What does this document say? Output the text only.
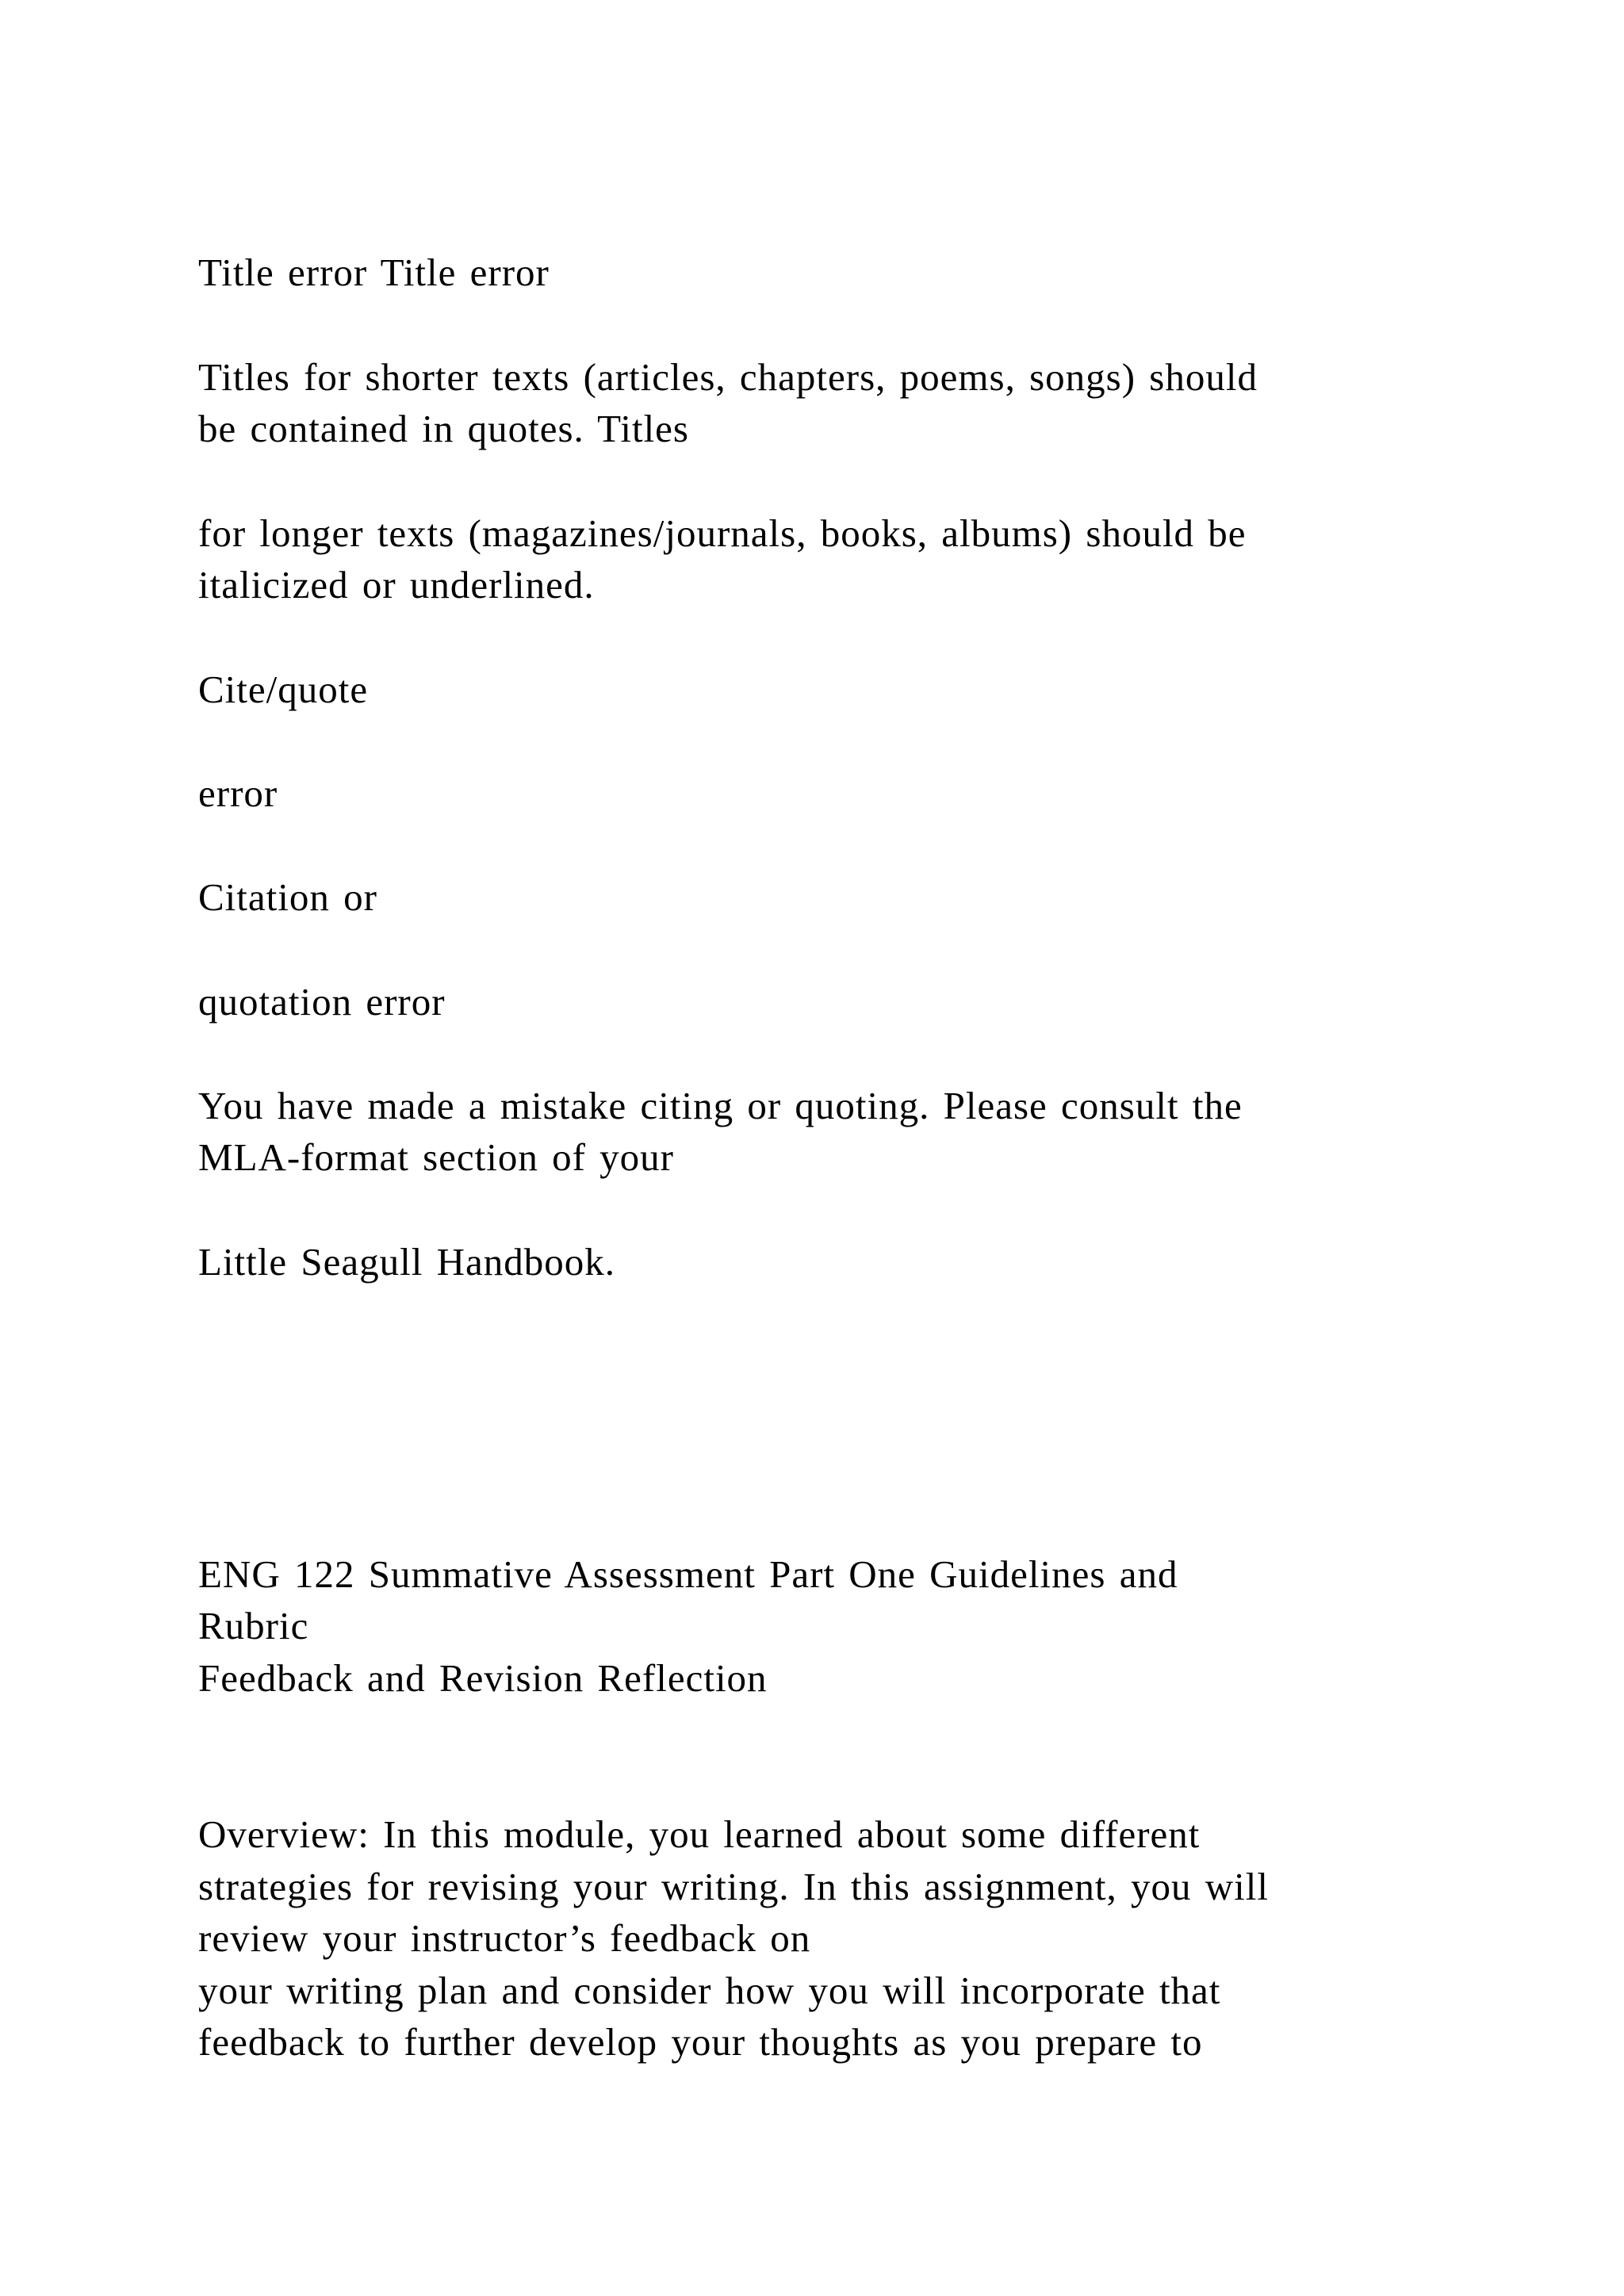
Title error Title error
Titles for shorter texts (articles, chapters, poems, songs) should
be contained in quotes. Titles
for longer texts (magazines/journals, books, albums) should be
italicized or underlined.
Cite/quote
error
Citation or
quotation error
You have made a mistake citing or quoting. Please consult the
MLA-format section of your
Little Seagull Handbook.
ENG 122 Summative Assessment Part One Guidelines and
Rubric
Feedback and Revision Reflection
Overview: In this module, you learned about some different
strategies for revising your writing. In this assignment, you will
review your instructor’s feedback on
your writing plan and consider how you will incorporate that
feedback to further develop your thoughts as you prepare to
